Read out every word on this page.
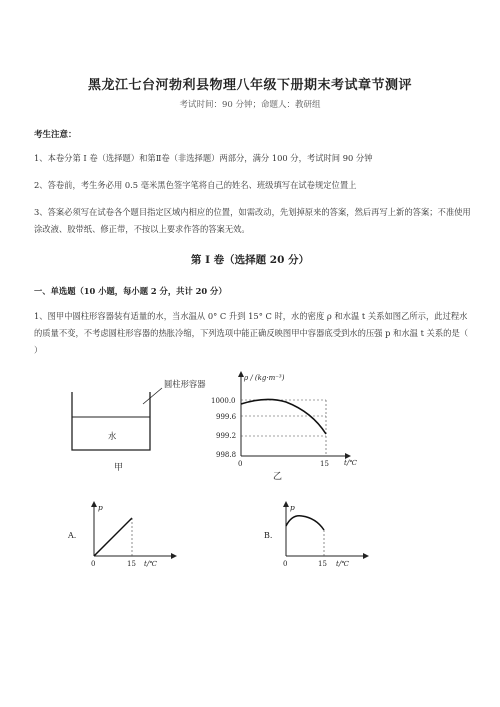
黑龙江七台河勃利县物理八年级下册期末考试章节测评
考试时间：90 分钟；命题人：教研组
考生注意：
1、本卷分第 I 卷（选择题）和第Ⅱ卷（非选择题）两部分，满分 100 分，考试时间 90 分钟
2、答卷前，考生务必用 0.5 毫米黑色签字笔将自己的姓名、班级填写在试卷规定位置上
3、答案必须写在试卷各个题目指定区域内相应的位置，如需改动，先划掉原来的答案，然后再写上新的答案；不准使用涂改液、胶带纸、修正带，不按以上要求作答的答案无效。
第 I 卷（选择题 20 分）
一、单选题（10 小题，每小题 2 分，共计 20 分）
1、图甲中圆柱形容器装有适量的水，当水温从 0° C 升到 15° C 时，水的密度 ρ 和水温 t 关系如图乙所示，此过程水的质量不变，不考虑圆柱形容器的热胀冷缩，下列选项中能正确反映图甲中容器底受到水的压强 p 和水温 t 关系的是（ ）
圆柱形容器
水
甲
ρ / (kg·m⁻³)
1000.0
999.6
999.2
998.8
0	15 t/℃
乙
A.
p
0	15 t/℃
B.
p
0	15 t/℃
